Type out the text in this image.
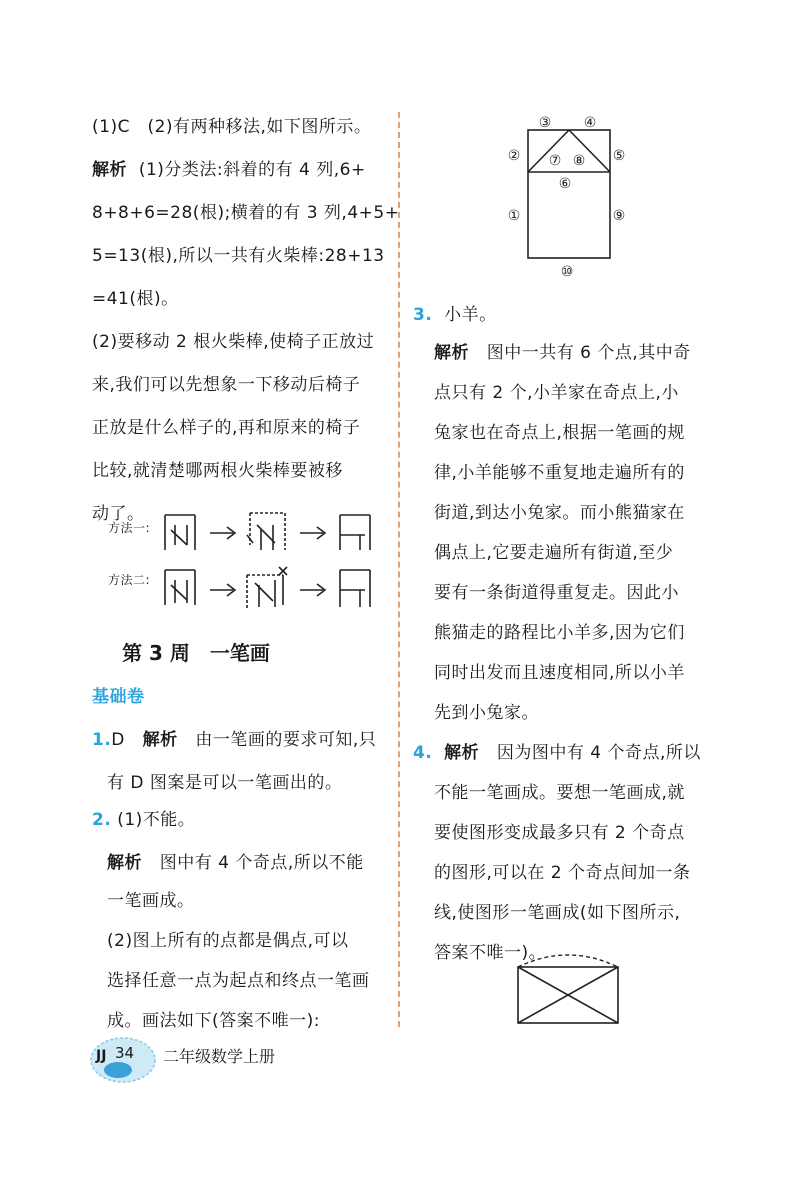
(1)C　(2)有两种移法,如下图所示。
解析 (1)分类法:斜着的有 4 列,6+
8+8+6=28(根);横着的有 3 列,4+5+
5=13(根),所以一共有火柴棒:28+13
=41(根)。
(2)要移动 2 根火柴棒,使椅子正放过
来,我们可以先想象一下移动后椅子
正放是什么样子的,再和原来的椅子
比较,就清楚哪两根火柴棒要被移
动了。
方法一:
方法二:
第 3 周　一笔画
基础卷
1.D 解析 由一笔画的要求可知,只
有 D 图案是可以一笔画出的。
2. (1)不能。
解析 图中有 4 个奇点,所以不能
一笔画成。
(2)图上所有的点都是偶点,可以
选择任意一点为起点和终点一笔画
成。画法如下(答案不唯一):
③ ④
② ⑦ ⑧ ⑤
⑥
①	⑨
⑩
3. 小羊。
解析 图中一共有 6 个点,其中奇
点只有 2 个,小羊家在奇点上,小
兔家也在奇点上,根据一笔画的规
律,小羊能够不重复地走遍所有的
街道,到达小兔家。而小熊猫家在
偶点上,它要走遍所有街道,至少
要有一条街道得重复走。因此小
熊猫走的路程比小羊多,因为它们
同时出发而且速度相同,所以小羊
先到小兔家。
4. 解析 因为图中有 4 个奇点,所以
不能一笔画成。要想一笔画成,就
要使图形变成最多只有 2 个奇点
的图形,可以在 2 个奇点间加一条
线,使图形一笔画成(如下图所示,
答案不唯一)。
JJ 34 二年级数学上册
